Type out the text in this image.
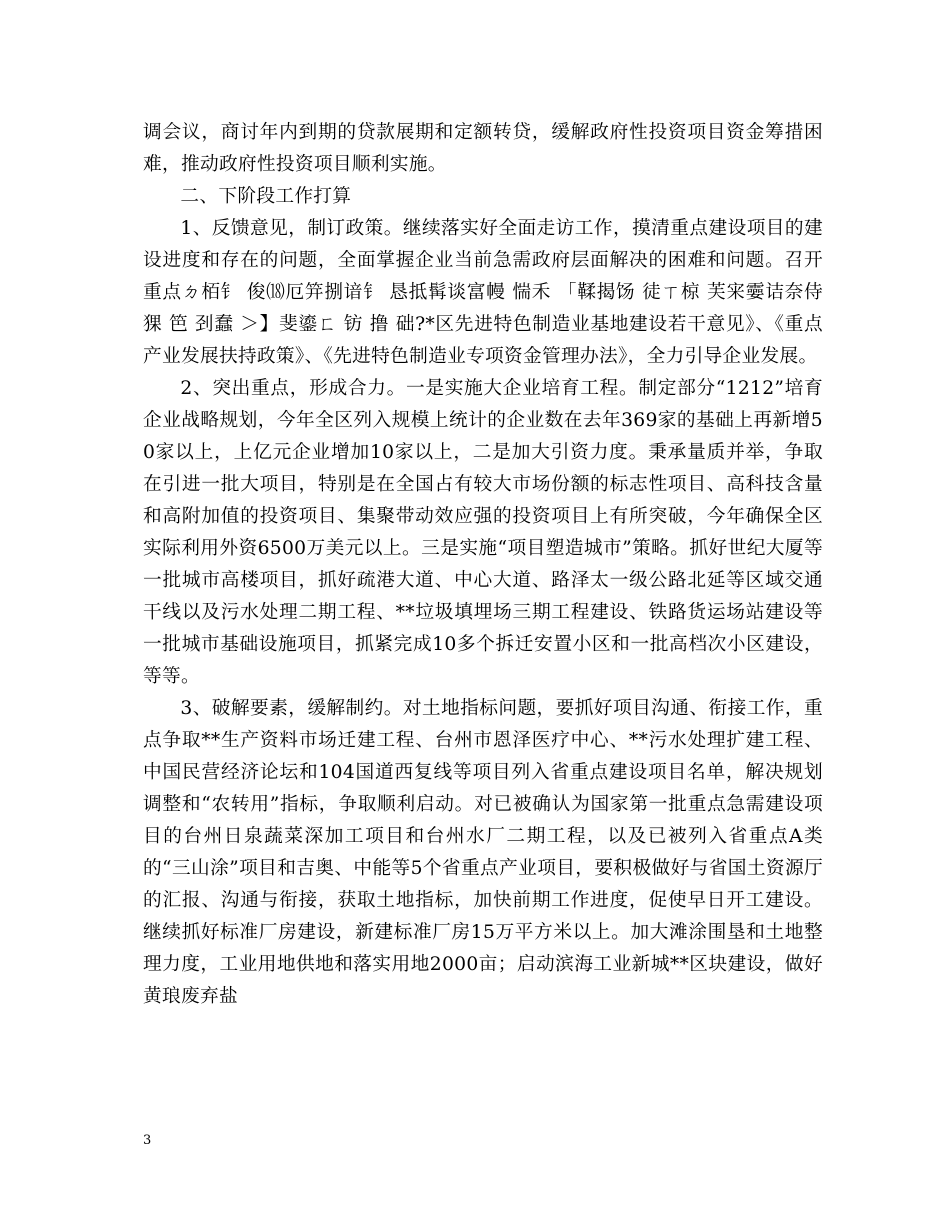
调会议，商讨年内到期的贷款展期和定额转贷，缓解政府性投资项目资金筹措困难，推动政府性投资项目顺利实施。

二、下阶段工作打算

1、反馈意见，制订政策。继续落实好全面走访工作，摸清重点建设项目的建设进度和存在的问题，全面掌握企业当前急需政府层面解决的困难和问题。召开重点ㄉ栢钅 俊⒅厄笄捌谙钅 恳抵髯谈富幔 惴禾 「鞣揭饧 徒ㄒ椋 芙宩孁诘奈侍猓 笆 刭蠢 ＞】斐鎏ㄈ 钫 撸 础?*区先进特色制造业基地建设若干意见》、《重点产业发展扶持政策》、《先进特色制造业专项资金管理办法》，全力引导企业发展。

2、突出重点，形成合力。一是实施大企业培育工程。制定部分“1212”培育企业战略规划，今年全区列入规模上统计的企业数在去年369家的基础上再新增50家以上，上亿元企业增加10家以上，二是加大引资力度。秉承量质并举，争取在引进一批大项目，特别是在全国占有较大市场份额的标志性项目、高科技含量和高附加值的投资项目、集聚带动效应强的投资项目上有所突破，今年确保全区实际利用外资6500万美元以上。三是实施“项目塑造城市”策略。抓好世纪大厦等一批城市高楼项目，抓好疏港大道、中心大道、路泽太一级公路北延等区域交通干线以及污水处理二期工程、**垃圾填埋场三期工程建设、铁路货运场站建设等一批城市基础设施项目，抓紧完成10多个拆迁安置小区和一批高档次小区建设，等等。

3、破解要素，缓解制约。对土地指标问题，要抓好项目沟通、衔接工作，重点争取**生产资料市场迁建工程、台州市恩泽医疗中心、**污水处理扩建工程、中国民营经济论坛和104国道西复线等项目列入省重点建设项目名单，解决规划调整和“农转用”指标，争取顺利启动。对已被确认为国家第一批重点急需建设项目的台州日泉蔬菜深加工项目和台州水厂二期工程，以及已被列入省重点A类的“三山涂”项目和吉奥、中能等5个省重点产业项目，要积极做好与省国土资源厅的汇报、沟通与衔接，获取土地指标，加快前期工作进度，促使早日开工建设。继续抓好标准厂房建设，新建标准厂房15万平方米以上。加大滩涂围垦和土地整理力度，工业用地供地和落实用地2000亩；启动滨海工业新城**区块建设，做好黄琅废弃盐

3
